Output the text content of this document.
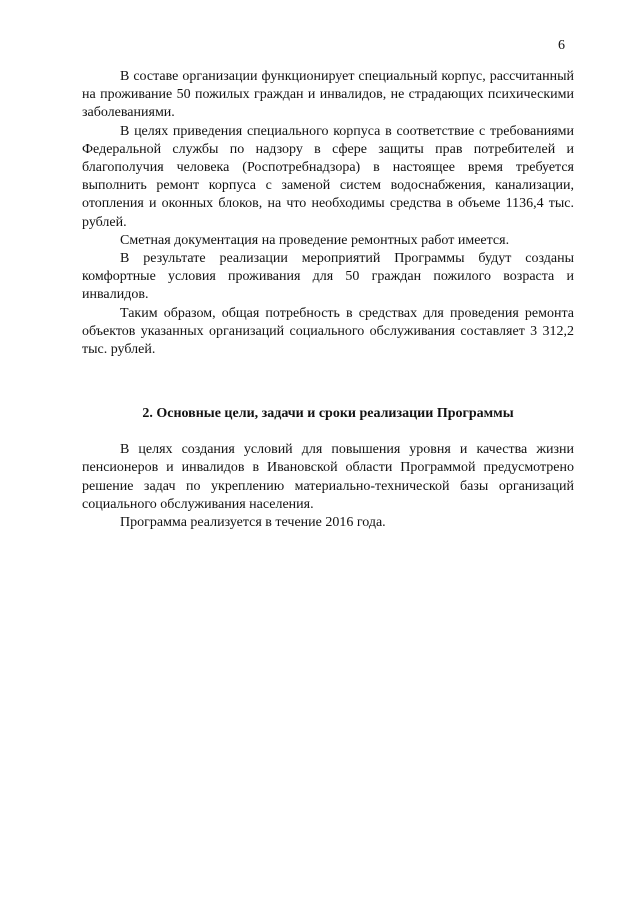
6

В составе организации функционирует специальный корпус, рассчитанный на проживание 50 пожилых граждан и инвалидов, не страдающих психическими заболеваниями.

В целях приведения специального корпуса в соответствие с требованиями Федеральной службы по надзору в сфере защиты прав потребителей и благополучия человека (Роспотребнадзора) в настоящее время требуется выполнить ремонт корпуса с заменой систем водоснабжения, канализации, отопления и оконных блоков, на что необходимы средства в объеме 1136,4 тыс. рублей.

Сметная документация на проведение ремонтных работ имеется.

В результате реализации мероприятий Программы будут созданы комфортные условия проживания для 50 граждан пожилого возраста и инвалидов.

Таким образом, общая потребность в средствах для проведения ремонта объектов указанных организаций социального обслуживания составляет 3 312,2 тыс. рублей.

2. Основные цели, задачи и сроки реализации Программы

В целях создания условий для повышения уровня и качества жизни пенсионеров и инвалидов в Ивановской области Программой предусмотрено решение задач по укреплению материально-технической базы организаций социального обслуживания населения.

Программа реализуется в течение 2016 года.
